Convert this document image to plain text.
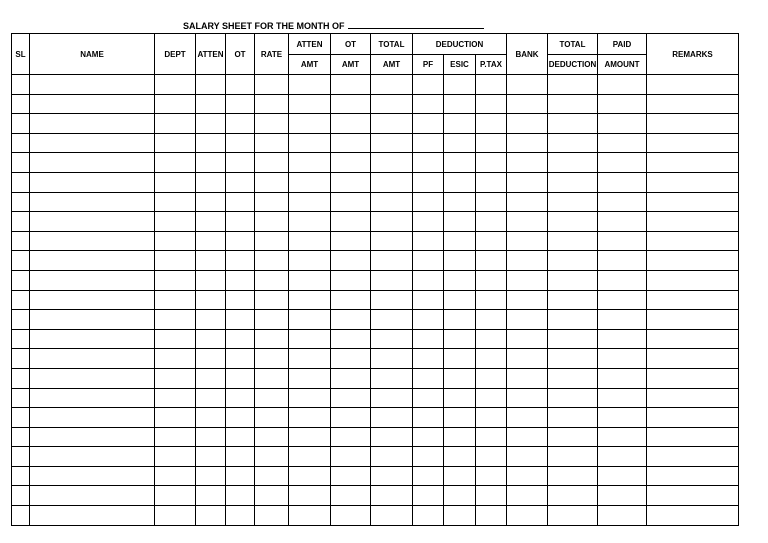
SALARY SHEET FOR THE MONTH OF
SL	NAME	DEPT	ATTEN	OT	RATE	ATTEN	OT	TOTAL	DEDUCTION			BANK	TOTAL	PAID	REMARKS
						AMT	AMT	AMT	PF	ESIC	P.TAX		DEDUCTION	AMOUNT	
